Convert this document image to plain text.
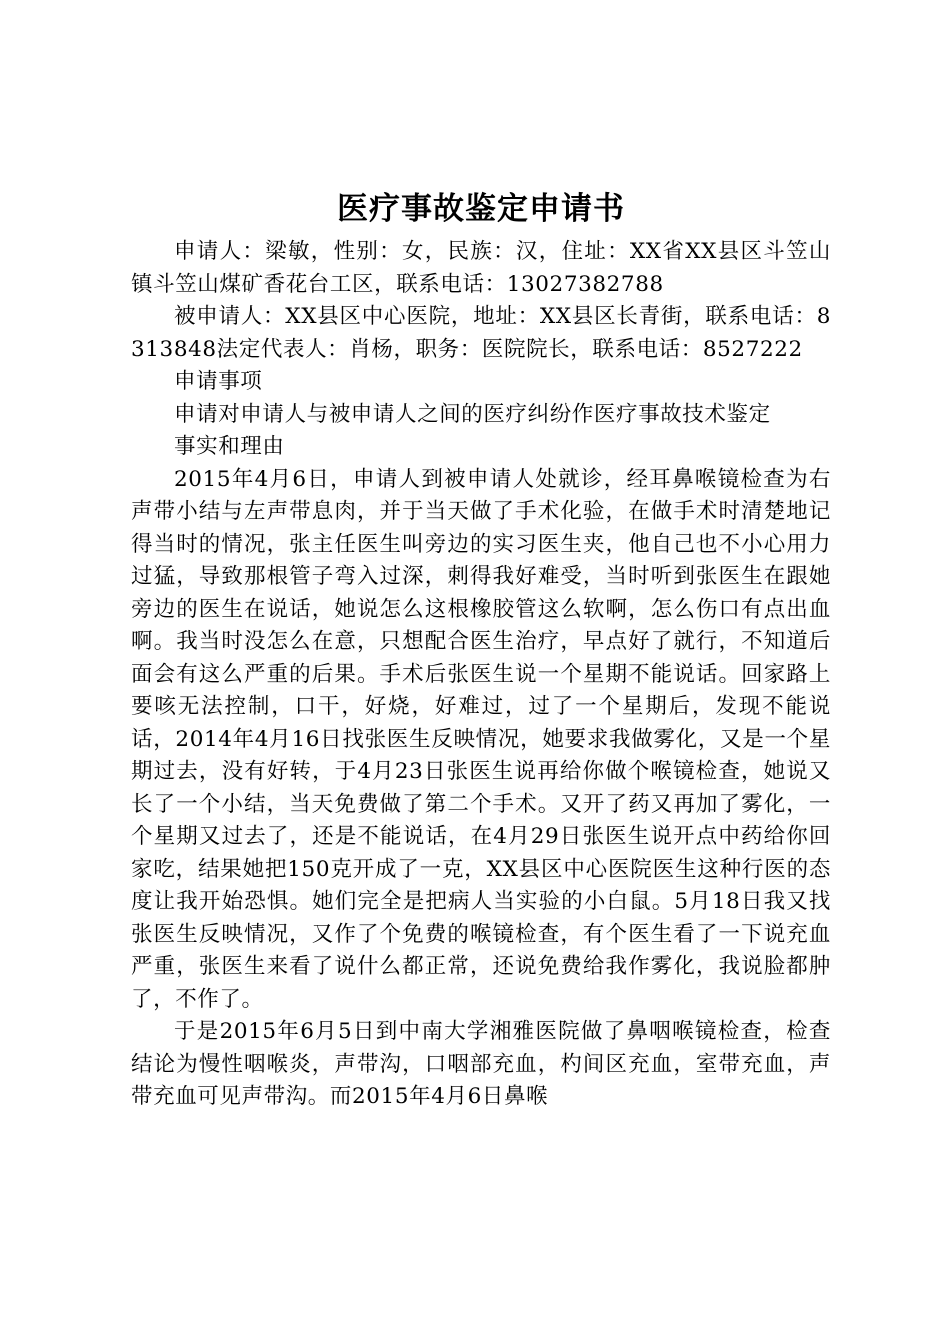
医疗事故鉴定申请书

申请人：梁敏，性别：女，民族：汉，住址：XX省XX县区斗笠山镇斗笠山煤矿香花台工区，联系电话：13027382788

被申请人：XX县区中心医院，地址：XX县区长青街，联系电话：8313848法定代表人：肖杨，职务：医院院长，联系电话：8527222

申请事项

申请对申请人与被申请人之间的医疗纠纷作医疗事故技术鉴定

事实和理由

2015年4月6日，申请人到被申请人处就诊，经耳鼻喉镜检查为右声带小结与左声带息肉，并于当天做了手术化验，在做手术时清楚地记得当时的情况，张主任医生叫旁边的实习医生夹，他自己也不小心用力过猛，导致那根管子弯入过深，刺得我好难受，当时听到张医生在跟她旁边的医生在说话，她说怎么这根橡胶管这么软啊，怎么伤口有点出血啊。我当时没怎么在意，只想配合医生治疗，早点好了就行，不知道后面会有这么严重的后果。手术后张医生说一个星期不能说话。回家路上要咳无法控制，口干，好烧，好难过，过了一个星期后，发现不能说话，2014年4月16日找张医生反映情况，她要求我做雾化，又是一个星期过去，没有好转，于4月23日张医生说再给你做个喉镜检查，她说又长了一个小结，当天免费做了第二个手术。又开了药又再加了雾化，一个星期又过去了，还是不能说话，在4月29日张医生说开点中药给你回家吃，结果她把150克开成了一克，XX县区中心医院医生这种行医的态度让我开始恐惧。她们完全是把病人当实验的小白鼠。5月18日我又找张医生反映情况，又作了个免费的喉镜检查，有个医生看了一下说充血严重，张医生来看了说什么都正常，还说免费给我作雾化，我说脸都肿了，不作了。

于是2015年6月5日到中南大学湘雅医院做了鼻咽喉镜检查，检查结论为慢性咽喉炎，声带沟，口咽部充血，杓间区充血，室带充血，声带充血可见声带沟。而2015年4月6日鼻喉
